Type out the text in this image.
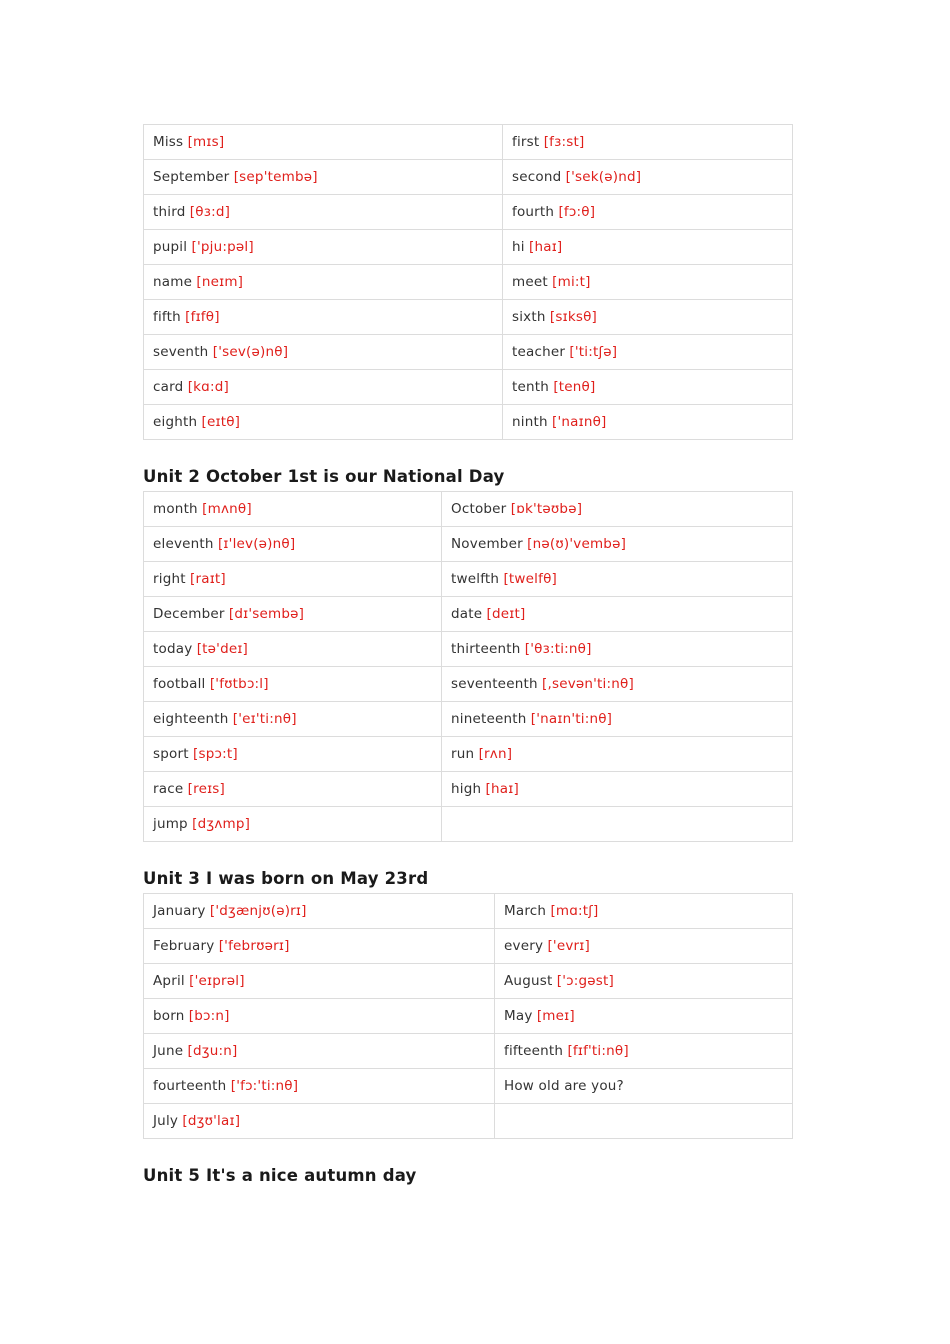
Miss [mɪs]	first [fɜ:st]
September [sep'tembə]	second ['sek(ə)nd]
third [θɜ:d]	fourth [fɔ:θ]
pupil ['pju:pəl]	hi [haɪ]
name [neɪm]	meet [mi:t]
fifth [fɪfθ]	sixth [sɪksθ]
seventh ['sev(ə)nθ]	teacher ['ti:tʃə]
card [kɑ:d]	tenth [tenθ]
eighth [eɪtθ]	ninth ['naɪnθ]
Unit 2 October 1st is our National Day
month [mʌnθ]	October [ɒk'təʊbə]
eleventh [ɪ'lev(ə)nθ]	November [nə(ʊ)'vembə]
right [raɪt]	twelfth [twelfθ]
December [dɪ'sembə]	date [deɪt]
today [tə'deɪ]	thirteenth ['θɜ:ti:nθ]
football ['fʊtbɔ:l]	seventeenth [,sevən'ti:nθ]
eighteenth ['eɪ'ti:nθ]	nineteenth ['naɪn'ti:nθ]
sport [spɔ:t]	run [rʌn]
race [reɪs]	high [haɪ]
jump [dʒʌmp]	
Unit 3 I was born on May 23rd
January ['dʒænjʊ(ə)rɪ]	March [mɑ:tʃ]
February ['febrʊərɪ]	every ['evrɪ]
April ['eɪprəl]	August ['ɔ:gəst]
born [bɔ:n]	May [meɪ]
June [dʒu:n]	fifteenth [fɪf'ti:nθ]
fourteenth ['fɔ:'ti:nθ]	How old are you?
July [dʒʊ'laɪ]	
Unit 5 It's a nice autumn day
